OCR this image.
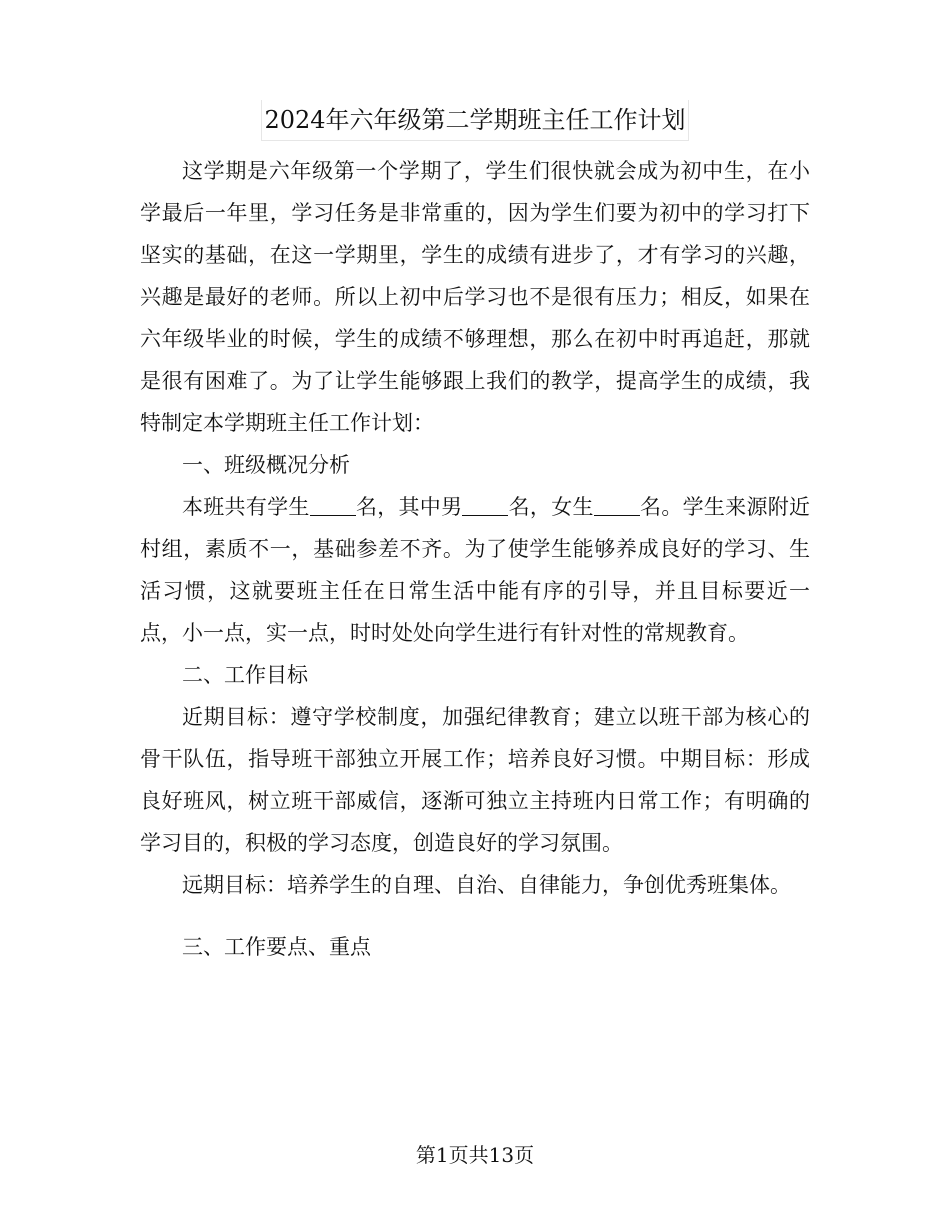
2024年六年级第二学期班主任工作计划

这学期是六年级第一个学期了，学生们很快就会成为初中生，在小学最后一年里，学习任务是非常重的，因为学生们要为初中的学习打下坚实的基础，在这一学期里，学生的成绩有进步了，才有学习的兴趣，兴趣是最好的老师。所以上初中后学习也不是很有压力；相反，如果在六年级毕业的时候，学生的成绩不够理想，那么在初中时再追赶，那就是很有困难了。为了让学生能够跟上我们的教学，提高学生的成绩，我特制定本学期班主任工作计划：

一、班级概况分析

本班共有学生 名，其中男 名，女生 名。学生来源附近村组，素质不一，基础参差不齐。为了使学生能够养成良好的学习、生活习惯，这就要班主任在日常生活中能有序的引导，并且目标要近一点，小一点，实一点，时时处处向学生进行有针对性的常规教育。

二、工作目标

近期目标：遵守学校制度，加强纪律教育；建立以班干部为核心的骨干队伍，指导班干部独立开展工作；培养良好习惯。中期目标：形成良好班风，树立班干部威信，逐渐可独立主持班内日常工作；有明确的学习目的，积极的学习态度，创造良好的学习氛围。

远期目标：培养学生的自理、自治、自律能力，争创优秀班集体。

三、工作要点、重点

第1页共13页
